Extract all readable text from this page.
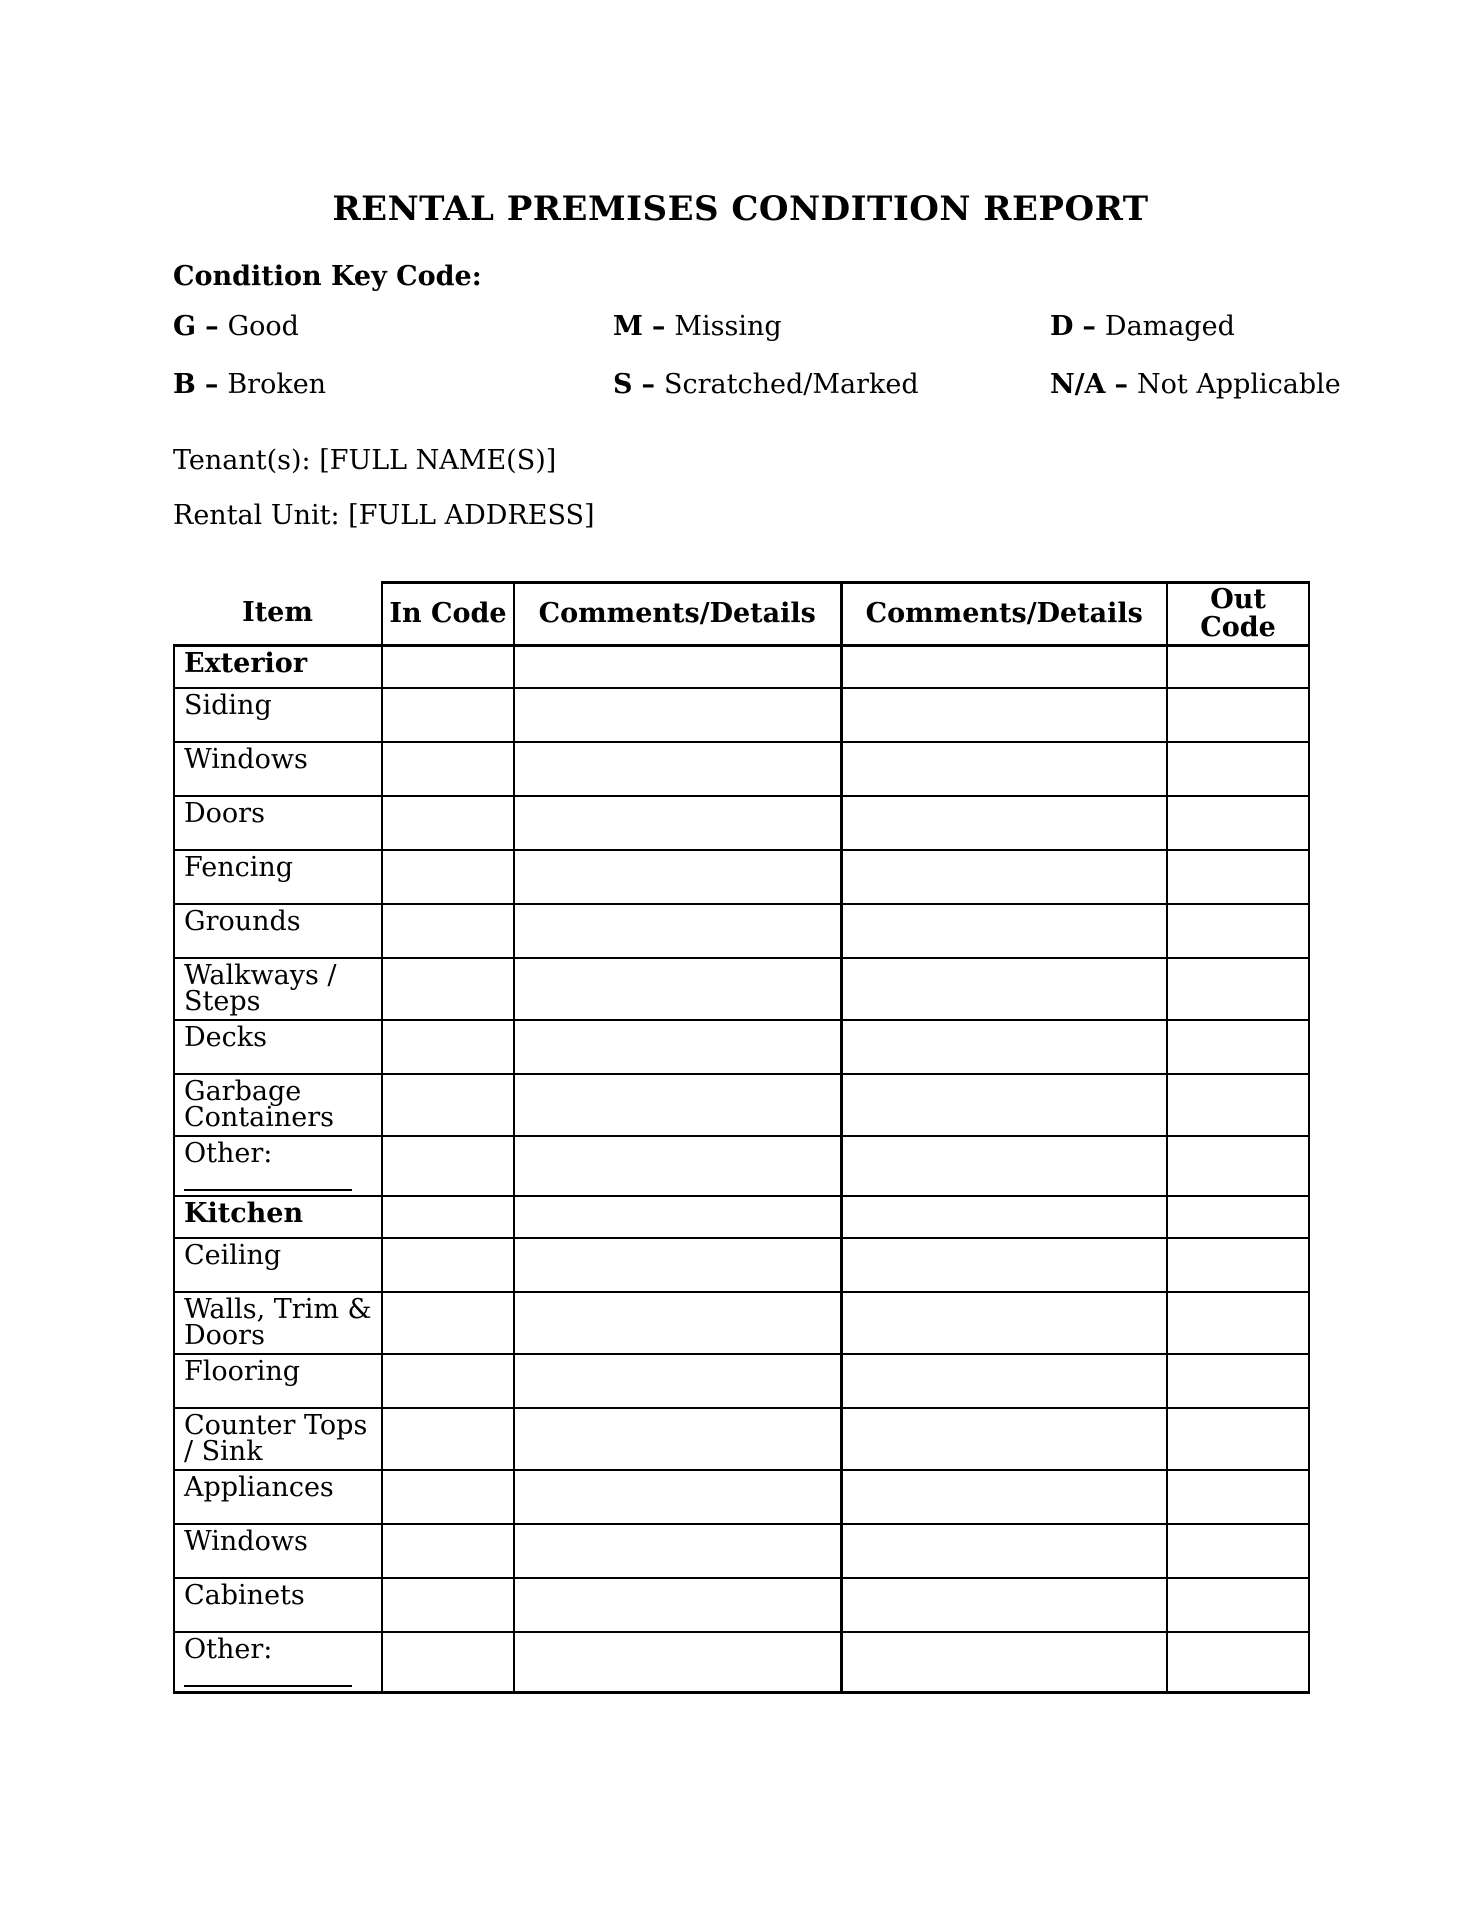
RENTAL PREMISES CONDITION REPORT
Condition Key Code:
G – Good	M – Missing	D – Damaged
B – Broken	S – Scratched/Marked	N/A – Not Applicable
Tenant(s): [FULL NAME(S)]
Rental Unit: [FULL ADDRESS]
Item	In Code	Comments/Details	Comments/Details	Out Code
Exterior				
Siding				
Windows				
Doors				
Fencing				
Grounds				
Walkways / Steps				
Decks				
Garbage Containers				
Other:

Kitchen				
Ceiling				
Walls, Trim & Doors				
Flooring				
Counter Tops / Sink				
Appliances				
Windows				
Cabinets				
Other:
